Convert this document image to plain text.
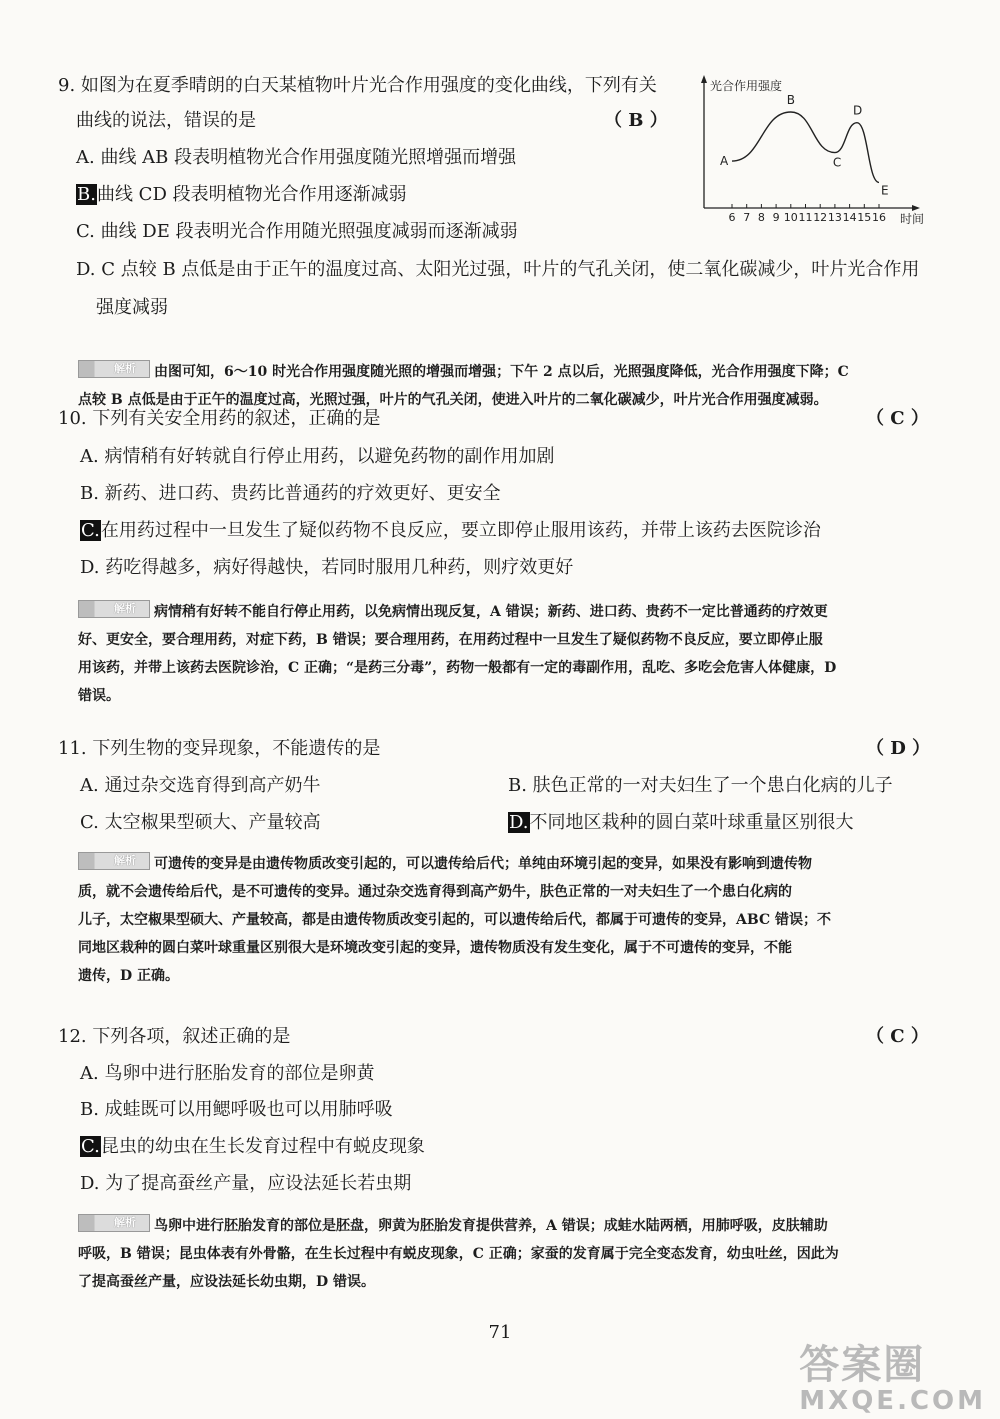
9. 如图为在夏季晴朗的白天某植物叶片光合作用强度的变化曲线，下列有关
曲线的说法，错误的是	（ B ）
A. 曲线 AB 段表明植物光合作用强度随光照增强而增强
B.曲线 CD 段表明植物光合作用逐渐减弱
C. 曲线 DE 段表明光合作用随光照强度减弱而逐渐减弱
D. C 点较 B 点低是由于正午的温度过高、太阳光过强，叶片的气孔关闭，使二氧化碳减少，叶片光合作用
强度减弱
光合作用强度
时间
6 7 8 9 10 11 12 13 14 15 16
A
B
C
D
E
解析	由图可知，6～10 时光合作用强度随光照的增强而增强；下午 2 点以后，光照强度降低，光合作用强度下降；C
点较 B 点低是由于正午的温度过高，光照过强，叶片的气孔关闭，使进入叶片的二氧化碳减少，叶片光合作用强度减弱。
10. 下列有关安全用药的叙述，正确的是	（ C ）
A. 病情稍有好转就自行停止用药，以避免药物的副作用加剧
B. 新药、进口药、贵药比普通药的疗效更好、更安全
C.在用药过程中一旦发生了疑似药物不良反应，要立即停止服用该药，并带上该药去医院诊治
D. 药吃得越多，病好得越快，若同时服用几种药，则疗效更好
解析	病情稍有好转不能自行停止用药，以免病情出现反复，A 错误；新药、进口药、贵药不一定比普通药的疗效更
好、更安全，要合理用药，对症下药，B 错误；要合理用药，在用药过程中一旦发生了疑似药物不良反应，要立即停止服
用该药，并带上该药去医院诊治，C 正确；“是药三分毒”，药物一般都有一定的毒副作用，乱吃、多吃会危害人体健康，D
错误。
11. 下列生物的变异现象，不能遗传的是	（ D ）
A. 通过杂交选育得到高产奶牛	B. 肤色正常的一对夫妇生了一个患白化病的儿子
C. 太空椒果型硕大、产量较高	D.不同地区栽种的圆白菜叶球重量区别很大
解析	可遗传的变异是由遗传物质改变引起的，可以遗传给后代；单纯由环境引起的变异，如果没有影响到遗传物
质，就不会遗传给后代，是不可遗传的变异。通过杂交选育得到高产奶牛，肤色正常的一对夫妇生了一个患白化病的
儿子，太空椒果型硕大、产量较高，都是由遗传物质改变引起的，可以遗传给后代，都属于可遗传的变异，ABC 错误；不
同地区栽种的圆白菜叶球重量区别很大是环境改变引起的变异，遗传物质没有发生变化，属于不可遗传的变异，不能
遗传，D 正确。
12. 下列各项，叙述正确的是	（ C ）
A. 鸟卵中进行胚胎发育的部位是卵黄
B. 成蛙既可以用鳃呼吸也可以用肺呼吸
C.昆虫的幼虫在生长发育过程中有蜕皮现象
D. 为了提高蚕丝产量，应设法延长若虫期
解析	鸟卵中进行胚胎发育的部位是胚盘，卵黄为胚胎发育提供营养，A 错误；成蛙水陆两栖，用肺呼吸，皮肤辅助
呼吸，B 错误；昆虫体表有外骨骼，在生长过程中有蜕皮现象，C 正确；家蚕的发育属于完全变态发育，幼虫吐丝，因此为
了提高蚕丝产量，应设法延长幼虫期，D 错误。
71
答案圈
MXQE.COM
